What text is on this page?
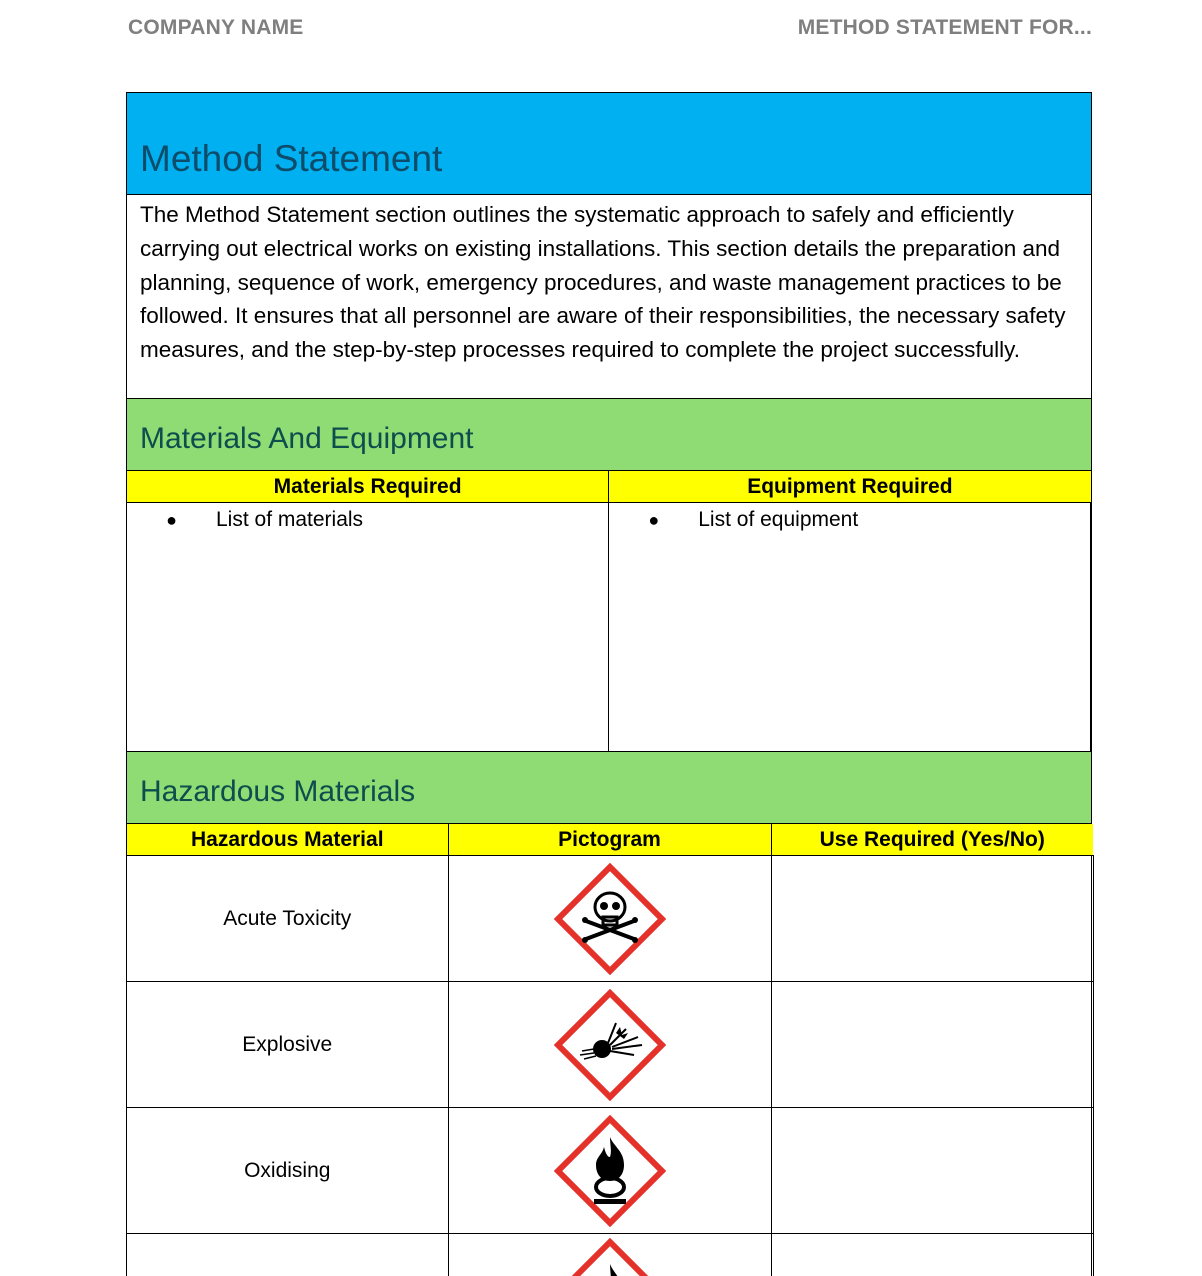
COMPANY NAME	METHOD STATEMENT FOR...
Method Statement
The Method Statement section outlines the systematic approach to safely and efficiently carrying out electrical works on existing installations. This section details the preparation and planning, sequence of work, emergency procedures, and waste management practices to be followed. It ensures that all personnel are aware of their responsibilities, the necessary safety measures, and the step-by-step processes required to complete the project successfully.
Materials And Equipment
Materials Required	Equipment Required

● List of materials	● List of equipment
Hazardous Materials
Hazardous Material	Pictogram	Use Required (Yes/No)
Acute Toxicity	

Explosive	

Oxidising	
